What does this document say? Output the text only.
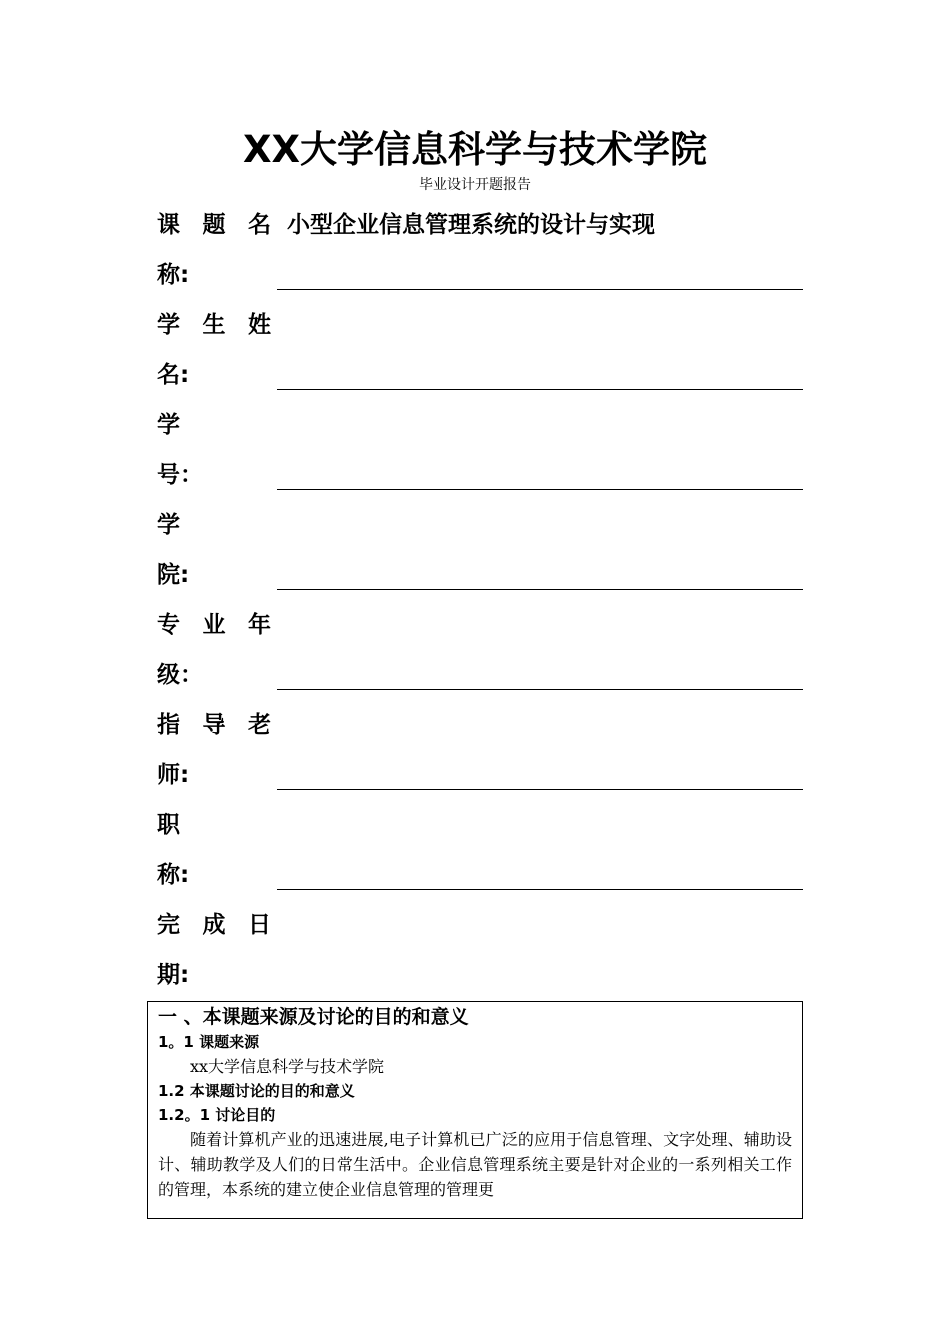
XX大学信息科学与技术学院
毕业设计开题报告
课 题 名
称:
小型企业信息管理系统的设计与实现
学 生 姓
名:
学
号：
学
院:
专 业 年
级：
指 导 老
师:
职
称:
完 成 日
期:

一 、本课题来源及讨论的目的和意义

1。1 课题来源

xx大学信息科学与技术学院

1.2 本课题讨论的目的和意义

1.2。1 讨论目的

随着计算机产业的迅速进展,电子计算机已广泛的应用于信息管理、文字处理、辅助设计、辅助教学及人们的日常生活中。企业信息管理系统主要是针对企业的一系列相关工作的管理，本系统的建立使企业信息管理的管理更
